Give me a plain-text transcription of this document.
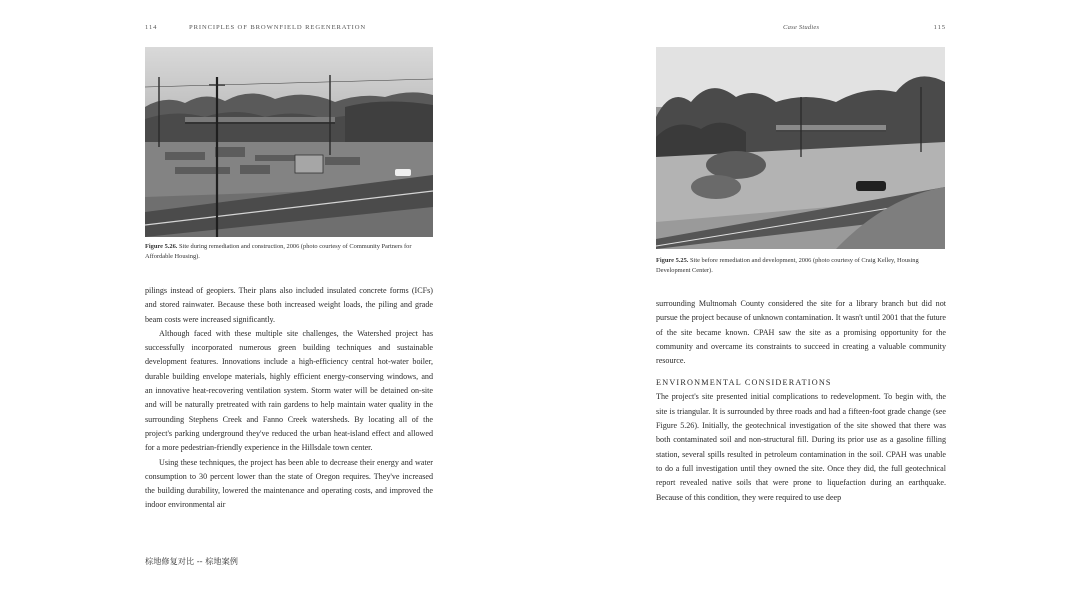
114	PRINCIPLES OF BROWNFIELD REGENERATION	Case Studies	115
Figure 5.26. Site during remediation and construction, 2006 (photo courtesy of Community Partners for Affordable Housing).
Figure 5.25. Site before remediation and development, 2006 (photo courtesy of Craig Kelley, Housing Development Center).

pilings instead of geopiers. Their plans also included insulated concrete forms (ICFs) and stored rainwater. Because these both increased weight loads, the piling and grade beam costs were increased significantly.

Although faced with these multiple site challenges, the Watershed project has successfully incorporated numerous green building techniques and sustainable development features. Innovations include a high-efficiency central hot-water boiler, durable building envelope materials, highly efficient energy-conserving windows, and an innovative heat-recovering ventilation system. Storm water will be detained on-site and will be naturally pretreated with rain gardens to help maintain water quality in the surrounding Stephens Creek and Fanno Creek watersheds. By locating all of the project's parking underground they've reduced the urban heat-island effect and allowed for a more pedestrian-friendly experience in the Hillsdale town center.

Using these techniques, the project has been able to decrease their energy and water consumption to 30 percent lower than the state of Oregon requires. They've increased the building durability, lowered the maintenance and operating costs, and improved the indoor environmental air

surrounding Multnomah County considered the site for a library branch but did not pursue the project because of unknown contamination. It wasn't until 2001 that the future of the site became known. CPAH saw the site as a promising opportunity for the community and overcame its constraints to succeed in creating a valuable community resource.

ENVIRONMENTAL CONSIDERATIONS

The project's site presented initial complications to redevelopment. To begin with, the site is triangular. It is surrounded by three roads and had a fifteen-foot grade change (see Figure 5.26). Initially, the geotechnical investigation of the site showed that there was both contaminated soil and non-structural fill. During its prior use as a gasoline filling station, several spills resulted in petroleum contamination in the soil. CPAH was unable to do a full investigation until they owned the site. Once they did, the full geotechnical report revealed native soils that were prone to liquefaction during an earthquake. Because of this condition, they were required to use deep

棕地修复对比 -- 棕地案例
